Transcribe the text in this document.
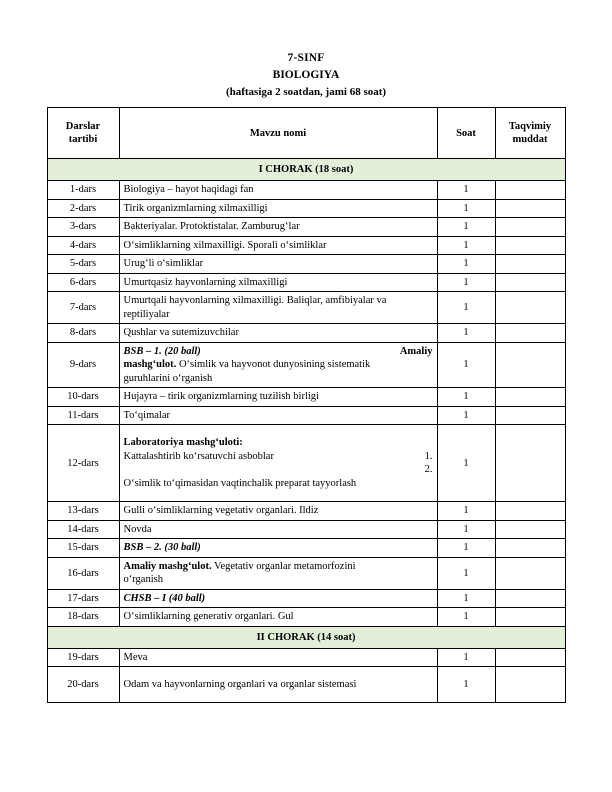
7-SINF
BIOLOGIYA
(haftasiga 2 soatdan, jami 68 soat)
Darslar tartibi	Mavzu nomi	Soat	Taqvimiy muddat
I CHORAK (18 soat)			
1-dars	Biologiya – hayot haqidagi fan	1	
2-dars	Tirik organizmlarning xilmaxilligi	1	
3-dars	Bakteriyalar. Protoktistalar. Zamburug‘lar	1	
4-dars	O‘simliklarning xilmaxilligi. Sporali o‘simliklar	1	
5-dars	Urug‘li o‘simliklar	1	
6-dars	Umurtqasiz hayvonlarning xilmaxilligi	1	
7-dars	Umurtqali hayvonlarning xilmaxilligi. Baliqlar, amfibiyalar va reptiliyalar	1	
8-dars	Qushlar va sutemizuvchilar	1	
9-dars	BSB – 1. (20 ball) Amaliy
mashg‘ulot. O‘simlik va hayvonot dunyosining sistematik
guruhlarini o‘rganish	1	
10-dars	Hujayra – tirik organizmlarning tuzilish birligi	1	
11-dars	To‘qimalar	1	
12-dars	Laboratoriya mashg‘uloti:
Kattalashtirib ko‘rsatuvchi asboblar 1.
2.
O‘simlik to‘qimasidan vaqtinchalik preparat tayyorlash	1	
13-dars	Gulli o‘simliklarning vegetativ organlari. Ildiz	1	
14-dars	Novda	1	
15-dars	BSB – 2. (30 ball)	1	
16-dars	Amaliy mashg‘ulot. Vegetativ organlar metamorfozini
o‘rganish	1	
17-dars	CHSB – I (40 ball)	1	
18-dars	O‘simliklarning generativ organlari. Gul	1	
II CHORAK (14 soat)			
19-dars	Meva	1	
20-dars	Odam va hayvonlarning organlari va organlar sistemasi	1	
